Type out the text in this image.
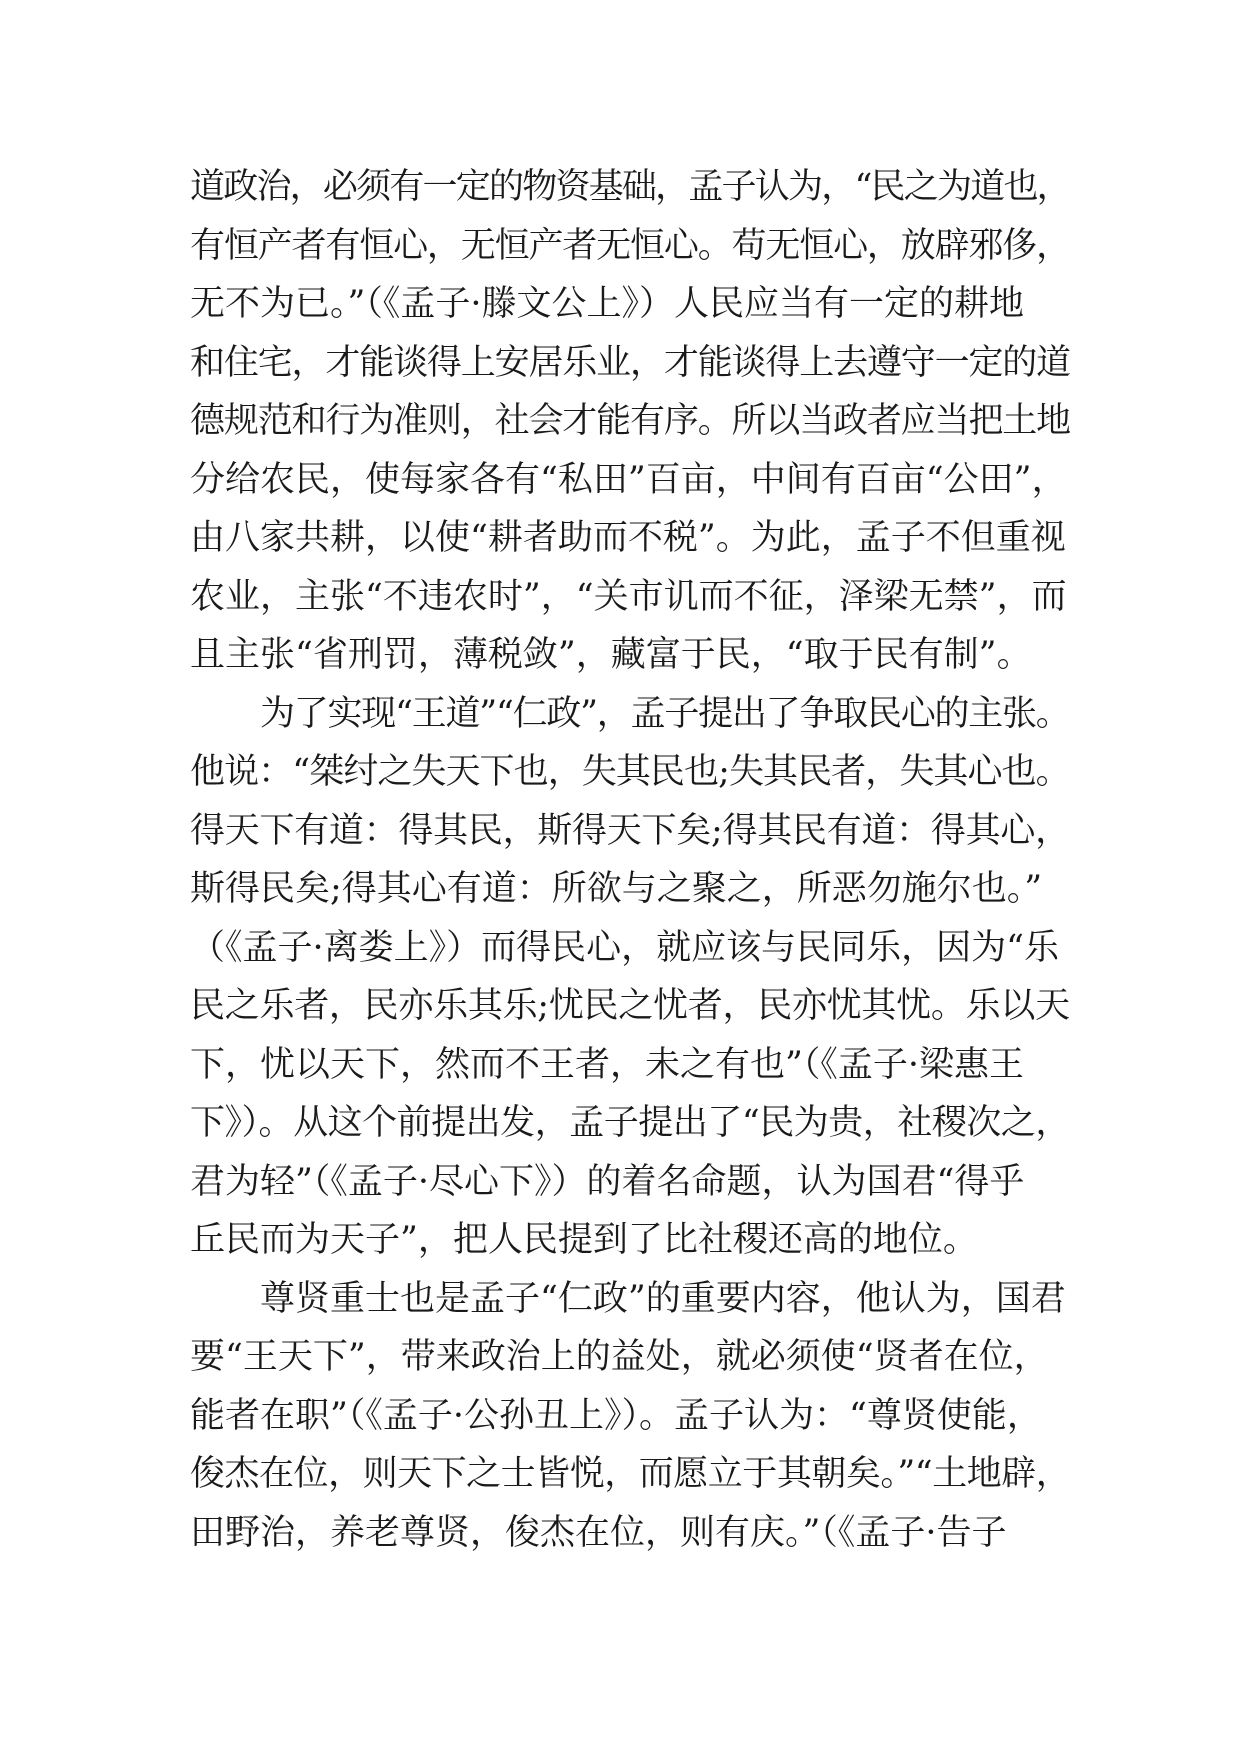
道政治，必须有一定的物资基础，孟子认为，“民之为道也，
有恒产者有恒心，无恒产者无恒心。苟无恒心，放辟邪侈，
无不为已。”（《孟子·滕文公上》）人民应当有一定的耕地
和住宅，才能谈得上安居乐业，才能谈得上去遵守一定的道
德规范和行为准则，社会才能有序。所以当政者应当把土地
分给农民，使每家各有“私田”百亩，中间有百亩“公田”，
由八家共耕，以使“耕者助而不税”。为此，孟子不但重视
农业，主张“不违农时”，“关市讥而不征，泽梁无禁”，而
且主张“省刑罚，薄税敛”，藏富于民，“取于民有制”。
为了实现“王道”“仁政”，孟子提出了争取民心的主张。
他说：“桀纣之失天下也，失其民也;失其民者，失其心也。
得天下有道：得其民，斯得天下矣;得其民有道：得其心，
斯得民矣;得其心有道：所欲与之聚之，所恶勿施尔也。”
（《孟子·离娄上》）而得民心，就应该与民同乐，因为“乐
民之乐者，民亦乐其乐;忧民之忧者，民亦忧其忧。乐以天
下，忧以天下，然而不王者，未之有也”（《孟子·梁惠王
下》）。从这个前提出发，孟子提出了“民为贵，社稷次之，
君为轻”（《孟子·尽心下》）的着名命题，认为国君“得乎
丘民而为天子”，把人民提到了比社稷还高的地位。
尊贤重士也是孟子“仁政”的重要内容，他认为，国君
要“王天下”，带来政治上的益处，就必须使“贤者在位，
能者在职”（《孟子·公孙丑上》）。孟子认为：“尊贤使能，
俊杰在位，则天下之士皆悦，而愿立于其朝矣。”“土地辟，
田野治，养老尊贤，俊杰在位，则有庆。”（《孟子·告子
